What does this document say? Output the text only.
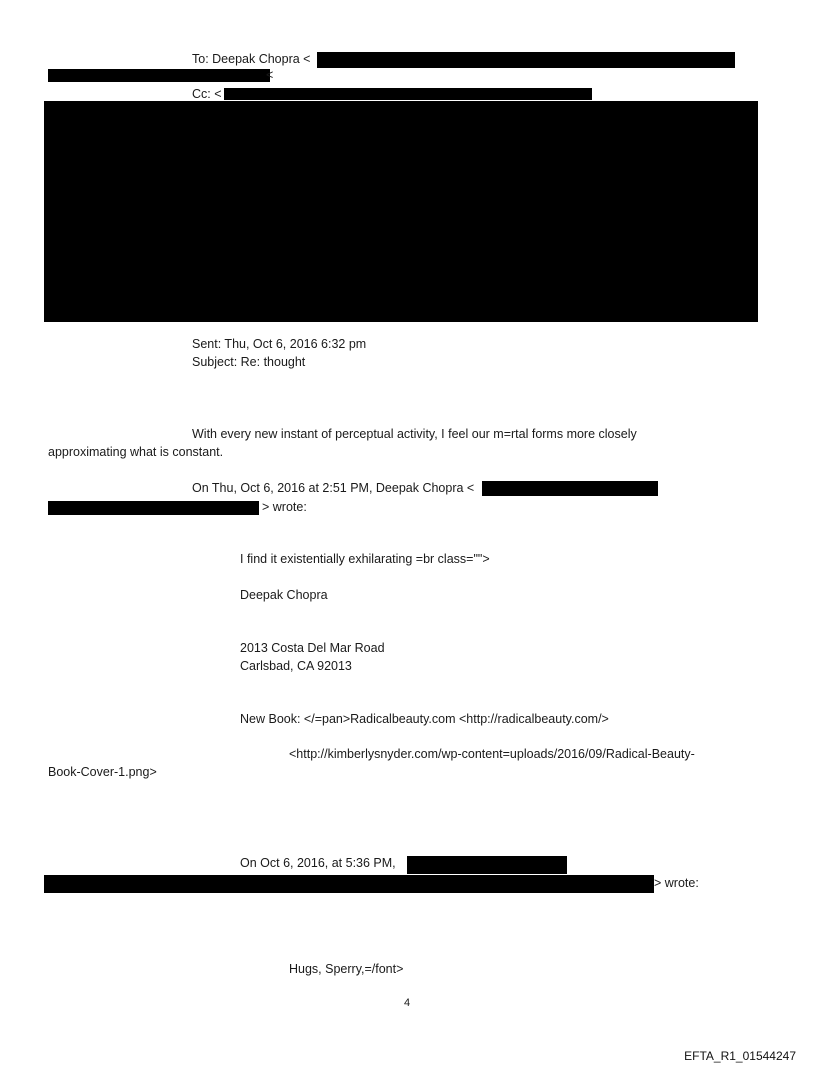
To: Deepak Chopra <
<
Cc: <
Sent: Thu, Oct 6, 2016 6:32 pm
Subject: Re: thought
With every new instant of perceptual activity, I feel our m=rtal forms more closely
approximating what is constant.
On Thu, Oct 6, 2016 at 2:51 PM, Deepak Chopra <
> wrote:
I find it existentially exhilarating =br class="">
Deepak Chopra
2013 Costa Del Mar Road
Carlsbad, CA 92013
New Book: </=pan>Radicalbeauty.com <http://radicalbeauty.com/>
<http://kimberlysnyder.com/wp-content=uploads/2016/09/Radical-Beauty-
Book-Cover-1.png>
On Oct 6, 2016, at 5:36 PM,
> wrote:
Hugs, Sperry,=/font>
4
EFTA_R1_01544247
